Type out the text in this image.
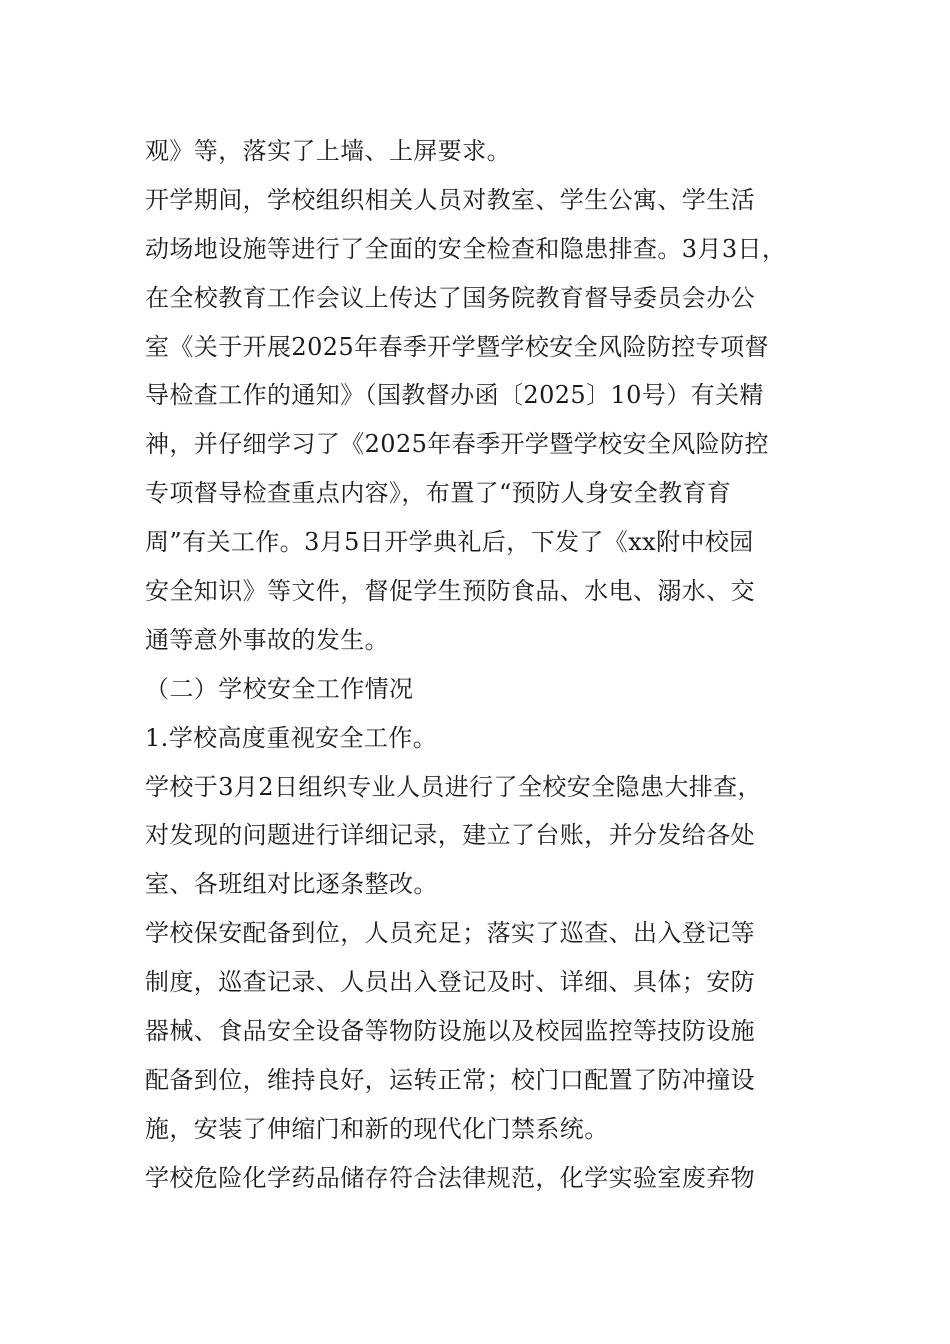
观》等，落实了上墙、上屏要求。
开学期间，学校组织相关人员对教室、学生公寓、学生活
动场地设施等进行了全面的安全检查和隐患排查。3月3日，
在全校教育工作会议上传达了国务院教育督导委员会办公
室《关于开展2025年春季开学暨学校安全风险防控专项督
导检查工作的通知》（国教督办函〔2025〕10号）有关精
神，并仔细学习了《2025年春季开学暨学校安全风险防控
专项督导检查重点内容》，布置了“预防人身安全教育育
周”有关工作。3月5日开学典礼后，下发了《xx附中校园
安全知识》等文件，督促学生预防食品、水电、溺水、交
通等意外事故的发生。
（二）学校安全工作情况
1.学校高度重视安全工作。
学校于3月2日组织专业人员进行了全校安全隐患大排查，
对发现的问题进行详细记录，建立了台账，并分发给各处
室、各班组对比逐条整改。
学校保安配备到位，人员充足；落实了巡查、出入登记等
制度，巡查记录、人员出入登记及时、详细、具体；安防
器械、食品安全设备等物防设施以及校园监控等技防设施
配备到位，维持良好，运转正常；校门口配置了防冲撞设
施，安装了伸缩门和新的现代化门禁系统。
学校危险化学药品储存符合法律规范，化学实验室废弃物
